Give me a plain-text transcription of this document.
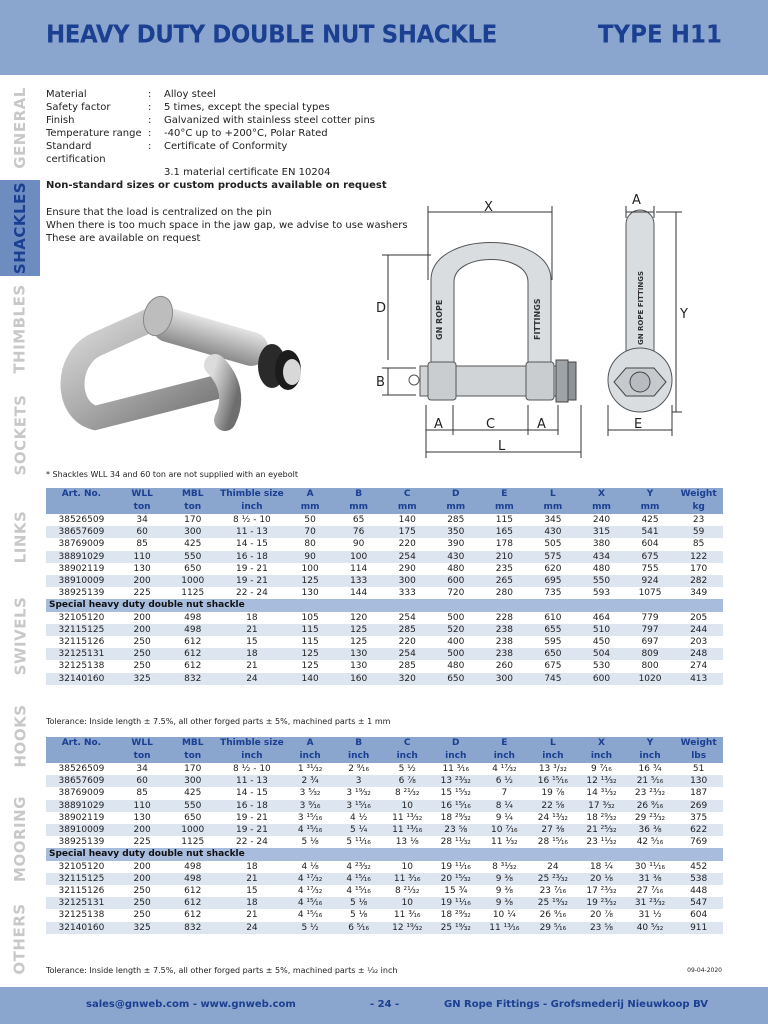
HEAVY DUTY DOUBLE NUT SHACKLE	TYPE H11
GENERAL
SHACKLES
THIMBLES
SOCKETS
LINKS
SWIVELS
HOOKS
MOORING
OTHERS
Material	:	Alloy steel
Safety factor	:	5 times, except the special types
Finish	:	Galvanized with stainless steel cotter pins
Temperature range :	-40°C up to +200°C, Polar Rated
Standard certification
:	Certificate of Conformity
3.1 material certificate EN 10204
Non-standard sizes or custom products available on request
Ensure that the load is centralized on the pin
When there is too much space in the jaw gap, we advise to use washers
These are available on request
GN ROPE	FITTINGS	GN ROPE FITTINGS
X
D
B
A	C	A
L
A
Y
E
* Shackles WLL 34 and 60 ton are not supplied with an eyebolt
Art. No.	WLL	MBL	Thimble size	A	B	C	D	E	L	X	Y	Weight
	ton	ton	inch	mm	mm	mm	mm	mm	mm	mm	mm	kg
38526509	34	170	8 ½ - 10	50	65	140	285	115	345	240	425	23
38657609	60	300	11 - 13	70	76	175	350	165	430	315	541	59
38769009	85	425	14 - 15	80	90	220	390	178	505	380	604	85
38891029	110	550	16 - 18	90	100	254	430	210	575	434	675	122
38902119	130	650	19 - 21	100	114	290	480	235	620	480	755	170
38910009	200	1000	19 - 21	125	133	300	600	265	695	550	924	282
38925139	225	1125	22 - 24	130	144	333	720	280	735	593	1075	349
Special heavy duty double nut shackle												
32105120	200	498	18	105	120	254	500	228	610	464	779	205
32115125	200	498	21	115	125	285	520	238	655	510	797	244
32115126	250	612	15	115	125	220	400	238	595	450	697	203
32125131	250	612	18	125	130	254	500	238	650	504	809	248
32125138	250	612	21	125	130	285	480	260	675	530	800	274
32140160	325	832	24	140	160	320	650	300	745	600	1020	413
Tolerance: Inside length ± 7.5%, all other forged parts ± 5%, machined parts ± 1 mm
Art. No.	WLL	MBL	Thimble size	A	B	C	D	E	L	X	Y	Weight
	ton	ton	inch	inch	inch	inch	inch	inch	inch	inch	inch	lbs
38526509	34	170	8 ½ - 10	1 ³¹⁄₃₂	2 ⁹⁄₁₆	5 ½	11 ³⁄₁₆	4 ¹⁷⁄₃₂	13 ³/₃₂	9 ⁷⁄₁₆	16 ¾	51
38657609	60	300	11 - 13	2 ¾	3	6 ⅞	13 ²³⁄₃₂	6 ½	16 ¹⁵⁄₁₆	12 ¹³⁄₃₂	21 ⁵⁄₁₆	130
38769009	85	425	14 - 15	3 ⁵⁄₃₂	3 ¹⁹⁄₃₂	8 ²¹⁄₃₂	15 ¹⁵⁄₃₂	7	19 ⅞	14 ³¹⁄₃₂	23 ²³⁄₃₂	187
38891029	110	550	16 - 18	3 ⁹⁄₁₆	3 ¹⁵⁄₁₆	10	16 ¹⁵⁄₁₆	8 ¼	22 ⅝	17 ³⁄₃₂	26 ⁹⁄₁₆	269
38902119	130	650	19 - 21	3 ¹⁵⁄₁₆	4 ½	11 ¹³⁄₃₂	18 ²⁹⁄₃₂	9 ¼	24 ¹³⁄₃₂	18 ²⁹⁄₃₂	29 ²³⁄₃₂	375
38910009	200	1000	19 - 21	4 ¹⁵⁄₁₆	5 ¼	11 ¹³⁄₁₆	23 ⅝	10 ⁷⁄₁₆	27 ⅜	21 ²⁵⁄₃₂	36 ⅜	622
38925139	225	1125	22 - 24	5 ⅛	5 ¹¹⁄₁₆	13 ⅛	28 ¹¹⁄₃₂	11 ¹⁄₃₂	28 ¹⁵⁄₁₆	23 ¹¹⁄₃₂	42 ⁵⁄₁₆	769
Special heavy duty double nut shackle												
32105120	200	498	18	4 ⅛	4 ²³⁄₃₂	10	19 ¹¹⁄₁₆	8 ³¹⁄₃₂	24	18 ¼	30 ¹¹⁄₁₆	452
32115125	200	498	21	4 ¹⁷⁄₃₂	4 ¹⁵⁄₁₆	11 ³⁄₁₆	20 ¹⁵⁄₃₂	9 ⅜	25 ²³⁄₃₂	20 ⅛	31 ⅜	538
32115126	250	612	15	4 ¹⁷⁄₃₂	4 ¹⁵⁄₁₆	8 ²¹⁄₃₂	15 ¾	9 ⅜	23 ⁷⁄₁₆	17 ²³⁄₃₂	27 ⁷⁄₁₆	448
32125131	250	612	18	4 ¹⁵⁄₁₆	5 ⅛	10	19 ¹¹⁄₁₆	9 ⅜	25 ¹⁹⁄₃₂	19 ²³⁄₃₂	31 ²³⁄₃₂	547
32125138	250	612	21	4 ¹⁵⁄₁₆	5 ⅛	11 ³⁄₁₆	18 ²⁹⁄₃₂	10 ¼	26 ⁹⁄₁₆	20 ⅞	31 ½	604
32140160	325	832	24	5 ½	6 ⁵⁄₁₆	12 ¹⁹⁄₃₂	25 ¹⁹⁄₃₂	11 ¹³⁄₁₆	29 ⁵⁄₁₆	23 ⅝	40 ⁵⁄₃₂	911
Tolerance: Inside length ± 7.5%, all other forged parts ± 5%, machined parts ± ¹⁄₃₂ inch	09-04-2020
sales@gnweb.com - www.gnweb.com	- 24 -	GN Rope Fittings - Grofsmederij Nieuwkoop BV
